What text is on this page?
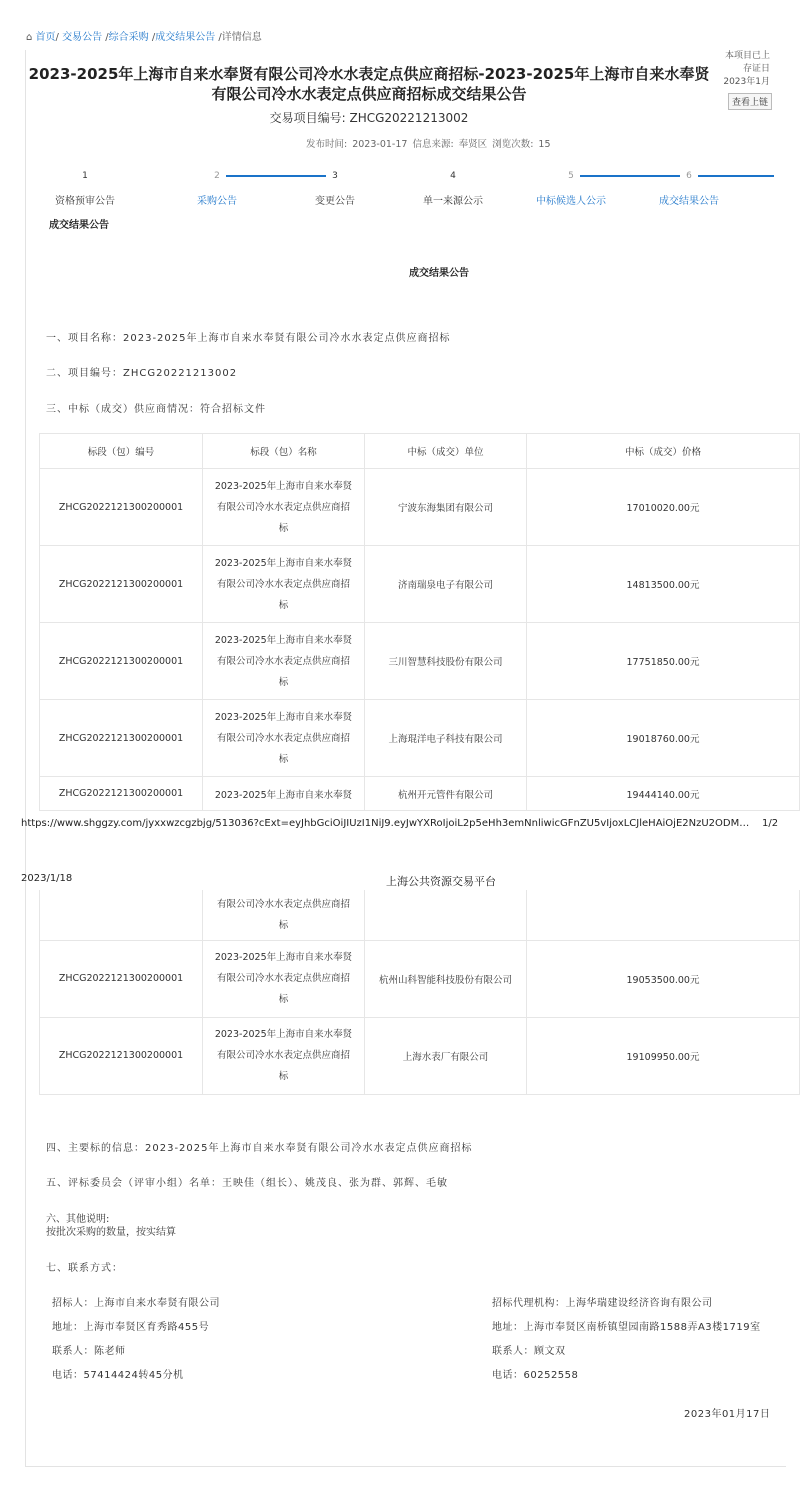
⌂ 首页/ 交易公告 /综合采购 /成交结果公告 /详情信息
本项目已上
存证日
2023年1月
查看上链
2023-2025年上海市自来水奉贤有限公司冷水水表定点供应商招标-2023-2025年上海市自来水奉贤有限公司冷水水表定点供应商招标成交结果公告
交易项目编号: ZHCG20221213002
发布时间: 2023-01-17 信息来源: 奉贤区 浏览次数: 15
1	2	3	4	5	6
资格预审公告	采购公告	变更公告	单一来源公示	中标候选人公示	成交结果公告
成交结果公告
成交结果公告
一、项目名称：2023-2025年上海市自来水奉贤有限公司冷水水表定点供应商招标
二、项目编号：ZHCG20221213002
三、中标（成交）供应商情况：符合招标文件
标段（包）编号	标段（包）名称	中标（成交）单位	中标（成交）价格
ZHCG2022121300200001	2023-2025年上海市自来水奉贤
有限公司冷水水表定点供应商招
标	宁波东海集团有限公司	17010020.00元
ZHCG2022121300200001	2023-2025年上海市自来水奉贤
有限公司冷水水表定点供应商招
标	济南瑞泉电子有限公司	14813500.00元
ZHCG2022121300200001	2023-2025年上海市自来水奉贤
有限公司冷水水表定点供应商招
标	三川智慧科技股份有限公司	17751850.00元
ZHCG2022121300200001	2023-2025年上海市自来水奉贤
有限公司冷水水表定点供应商招
标	上海琨洋电子科技有限公司	19018760.00元
ZHCG2022121300200001	2023-2025年上海市自来水奉贤	杭州开元管件有限公司	19444140.00元
https://www.shggzy.com/jyxxwzcgzbjg/513036?cExt=eyJhbGciOiJIUzI1NiJ9.eyJwYXRoIjoiL2p5eHh3emNnliwicGFnZU5vIjoxLCJleHAiOjE2NzU2ODM… 1/2
2023/1/18	上海公共资源交易平台

	有限公司冷水水表定点供应商招
标		

ZHCG2022121300200001	2023-2025年上海市自来水奉贤
有限公司冷水水表定点供应商招
标	杭州山科智能科技股份有限公司	19053500.00元
ZHCG2022121300200001	2023-2025年上海市自来水奉贤
有限公司冷水水表定点供应商招
标	上海水表厂有限公司	19109950.00元
四、主要标的信息：2023-2025年上海市自来水奉贤有限公司冷水水表定点供应商招标
五、评标委员会（评审小组）名单：王映佳（组长）、姚茂良、张为群、郭辉、毛敏
六、其他说明:
按批次采购的数量，按实结算
七、联系方式：
招标人：上海市自来水奉贤有限公司
地址：上海市奉贤区育秀路455号
联系人：陈老师
电话：57414424转45分机
招标代理机构：上海华瑞建设经济咨询有限公司
地址：上海市奉贤区南桥镇望园南路1588弄A3楼1719室
联系人：顾文双
电话：60252558
2023年01月17日
